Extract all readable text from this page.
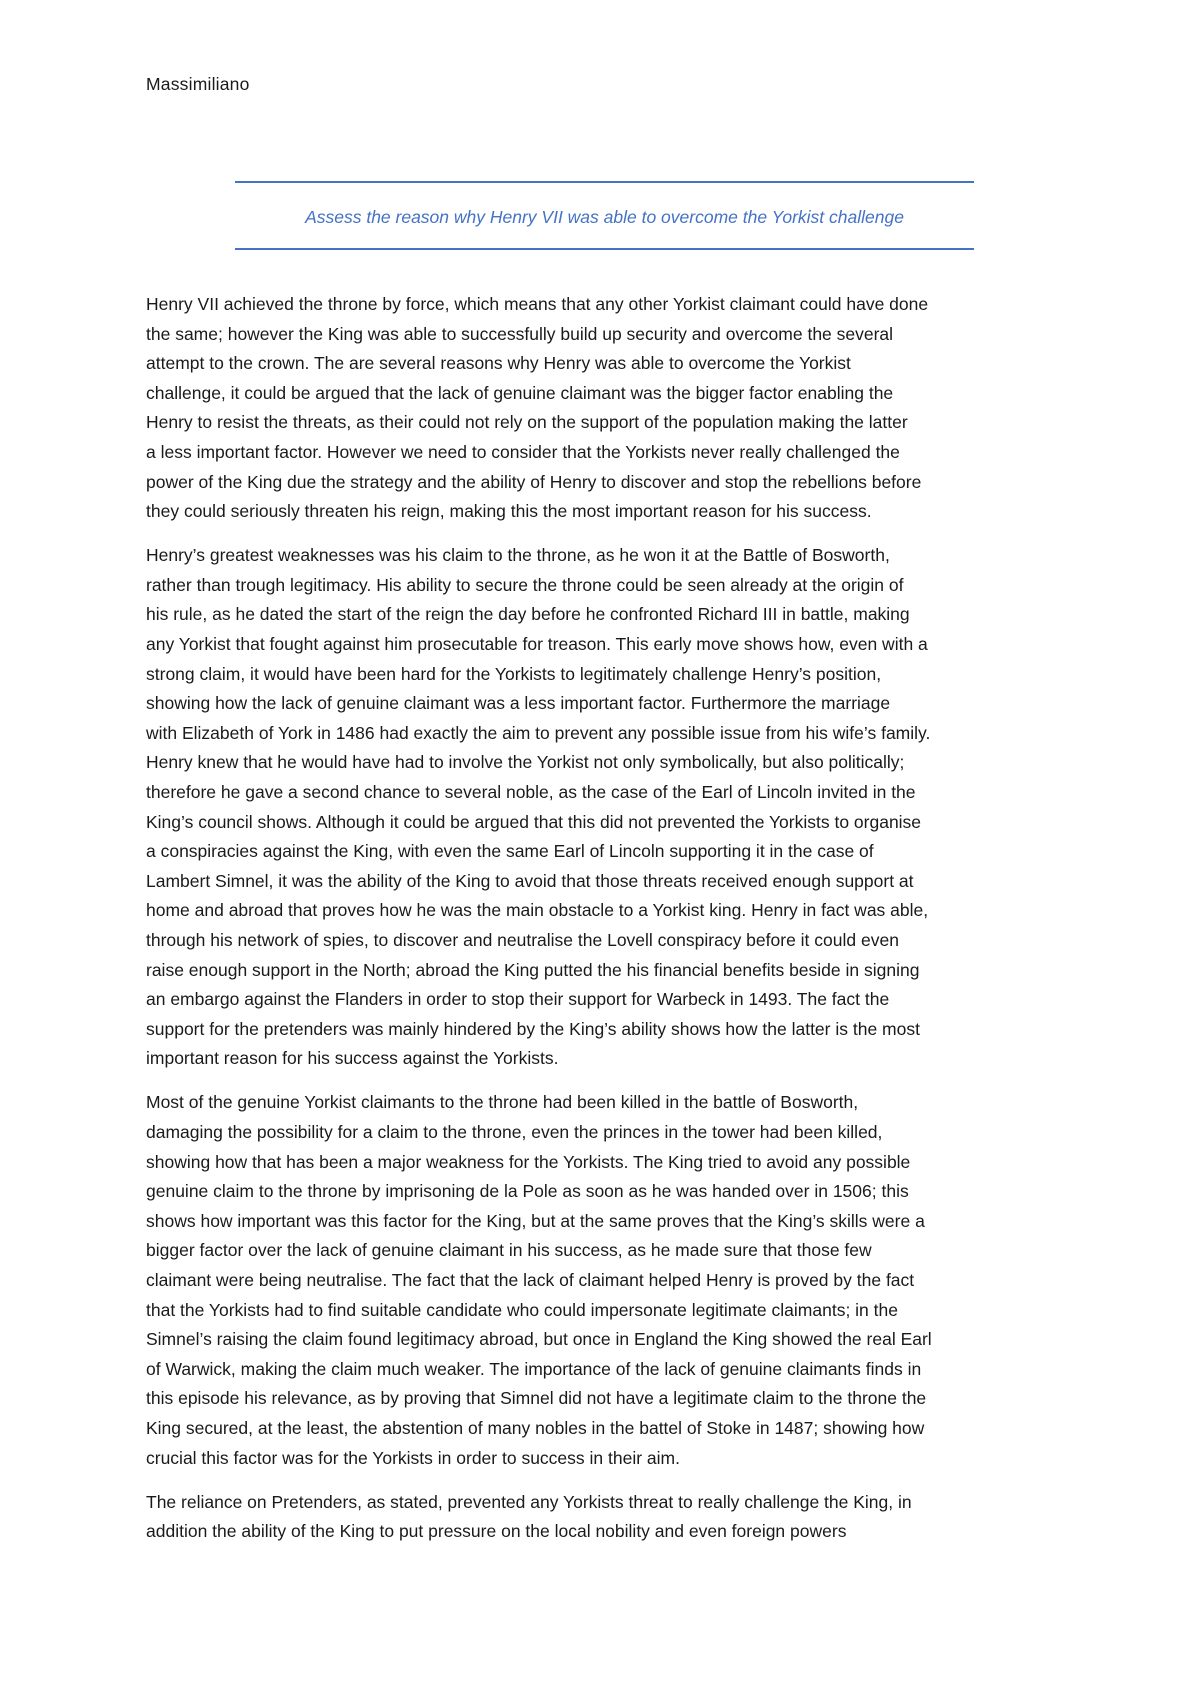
Massimiliano

Assess the reason why Henry VII was able to overcome the Yorkist challenge

Henry VII achieved the throne by force, which means that any other Yorkist claimant could have done
the same; however the King was able to successfully build up security and overcome the several
attempt to the crown. The are several reasons why Henry was able to overcome the Yorkist
challenge, it could be argued that the lack of genuine claimant was the bigger factor enabling the
Henry to resist the threats, as their could not rely on the support of the population making the latter
a less important factor. However we need to consider that the Yorkists never really challenged the
power of the King due the strategy and the ability of Henry to discover and stop the rebellions before
they could seriously threaten his reign, making this the most important reason for his success.

Henry’s greatest weaknesses was his claim to the throne, as he won it at the Battle of Bosworth,
rather than trough legitimacy. His ability to secure the throne could be seen already at the origin of
his rule, as he dated the start of the reign the day before he confronted Richard III in battle, making
any Yorkist that fought against him prosecutable for treason. This early move shows how, even with a
strong claim, it would have been hard for the Yorkists to legitimately challenge Henry’s position,
showing how the lack of genuine claimant was a less important factor. Furthermore the marriage
with Elizabeth of York in 1486 had exactly the aim to prevent any possible issue from his wife’s family.
Henry knew that he would have had to involve the Yorkist not only symbolically, but also politically;
therefore he gave a second chance to several noble, as the case of the Earl of Lincoln invited in the
King’s council shows. Although it could be argued that this did not prevented the Yorkists to organise
a conspiracies against the King, with even the same Earl of Lincoln supporting it in the case of
Lambert Simnel, it was the ability of the King to avoid that those threats received enough support at
home and abroad that proves how he was the main obstacle to a Yorkist king. Henry in fact was able,
through his network of spies, to discover and neutralise the Lovell conspiracy before it could even
raise enough support in the North; abroad the King putted the his financial benefits beside in signing
an embargo against the Flanders in order to stop their support for Warbeck in 1493. The fact the
support for the pretenders was mainly hindered by the King’s ability shows how the latter is the most
important reason for his success against the Yorkists.

Most of the genuine Yorkist claimants to the throne had been killed in the battle of Bosworth,
damaging the possibility for a claim to the throne, even the princes in the tower had been killed,
showing how that has been a major weakness for the Yorkists. The King tried to avoid any possible
genuine claim to the throne by imprisoning de la Pole as soon as he was handed over in 1506; this
shows how important was this factor for the King, but at the same proves that the King’s skills were a
bigger factor over the lack of genuine claimant in his success, as he made sure that those few
claimant were being neutralise. The fact that the lack of claimant helped Henry is proved by the fact
that the Yorkists had to find suitable candidate who could impersonate legitimate claimants; in the
Simnel’s raising the claim found legitimacy abroad, but once in England the King showed the real Earl
of Warwick, making the claim much weaker. The importance of the lack of genuine claimants finds in
this episode his relevance, as by proving that Simnel did not have a legitimate claim to the throne the
King secured, at the least, the abstention of many nobles in the battel of Stoke in 1487; showing how
crucial this factor was for the Yorkists in order to success in their aim.

The reliance on Pretenders, as stated, prevented any Yorkists threat to really challenge the King, in
addition the ability of the King to put pressure on the local nobility and even foreign powers
